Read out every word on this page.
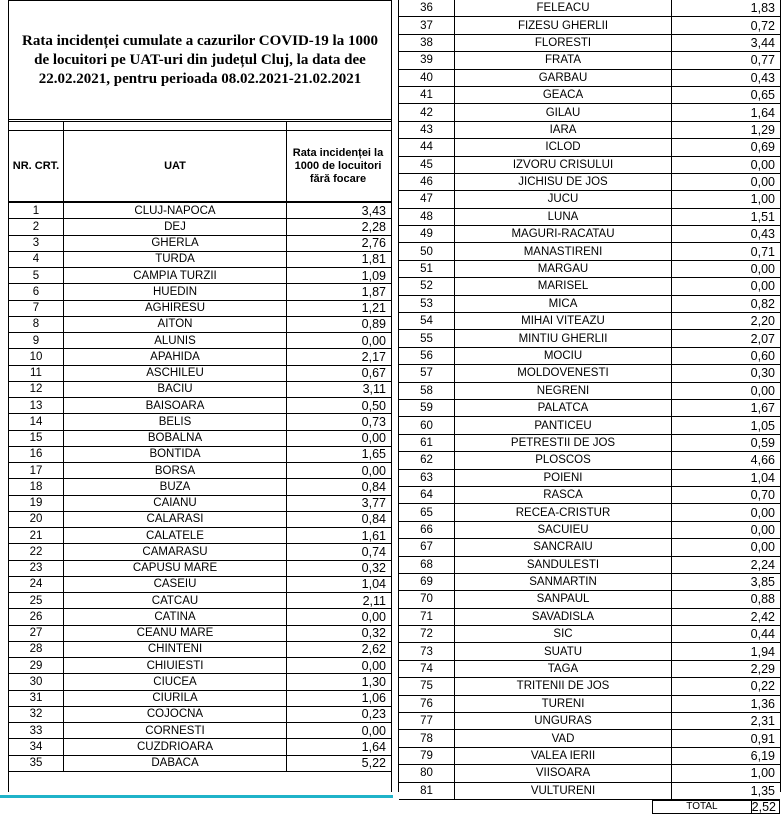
Rata incidenței cumulate a cazurilor COVID-19 la 1000 de locuitori pe UAT-uri din județul Cluj, la data dee 22.02.2021, pentru perioada 08.02.2021-21.02.2021
NR. CRT.	UAT
Rata incidenței la 1000 de locuitori fără focare
1	CLUJ-NAPOCA	3,43
2	DEJ	2,28
3	GHERLA	2,76
4	TURDA	1,81
5	CAMPIA TURZII	1,09
6	HUEDIN	1,87
7	AGHIRESU	1,21
8	AITON	0,89
9	ALUNIS	0,00
10	APAHIDA	2,17
11	ASCHILEU	0,67
12	BACIU	3,11
13	BAISOARA	0,50
14	BELIS	0,73
15	BOBALNA	0,00
16	BONTIDA	1,65
17	BORSA	0,00
18	BUZA	0,84
19	CAIANU	3,77
20	CALARASI	0,84
21	CALATELE	1,61
22	CAMARASU	0,74
23	CAPUSU MARE	0,32
24	CASEIU	1,04
25	CATCAU	2,11
26	CATINA	0,00
27	CEANU MARE	0,32
28	CHINTENI	2,62
29	CHIUIESTI	0,00
30	CIUCEA	1,30
31	CIURILA	1,06
32	COJOCNA	0,23
33	CORNESTI	0,00
34	CUZDRIOARA	1,64
35	DABACA	5,22
36	FELEACU	1,83
37	FIZESU GHERLII	0,72
38	FLORESTI	3,44
39	FRATA	0,77
40	GARBAU	0,43
41	GEACA	0,65
42	GILAU	1,64
43	IARA	1,29
44	ICLOD	0,69
45	IZVORU CRISULUI	0,00
46	JICHISU DE JOS	0,00
47	JUCU	1,00
48	LUNA	1,51
49	MAGURI-RACATAU	0,43
50	MANASTIRENI	0,71
51	MARGAU	0,00
52	MARISEL	0,00
53	MICA	0,82
54	MIHAI VITEAZU	2,20
55	MINTIU GHERLII	2,07
56	MOCIU	0,60
57	MOLDOVENESTI	0,30
58	NEGRENI	0,00
59	PALATCA	1,67
60	PANTICEU	1,05
61	PETRESTII DE JOS	0,59
62	PLOSCOS	4,66
63	POIENI	1,04
64	RASCA	0,70
65	RECEA-CRISTUR	0,00
66	SACUIEU	0,00
67	SANCRAIU	0,00
68	SANDULESTI	2,24
69	SANMARTIN	3,85
70	SANPAUL	0,88
71	SAVADISLA	2,42
72	SIC	0,44
73	SUATU	1,94
74	TAGA	2,29
75	TRITENII DE JOS	0,22
76	TURENI	1,36
77	UNGURAS	2,31
78	VAD	0,91
79	VALEA IERII	6,19
80	VIISOARA	1,00
81	VULTURENI	1,35
TOTAL	2,52
